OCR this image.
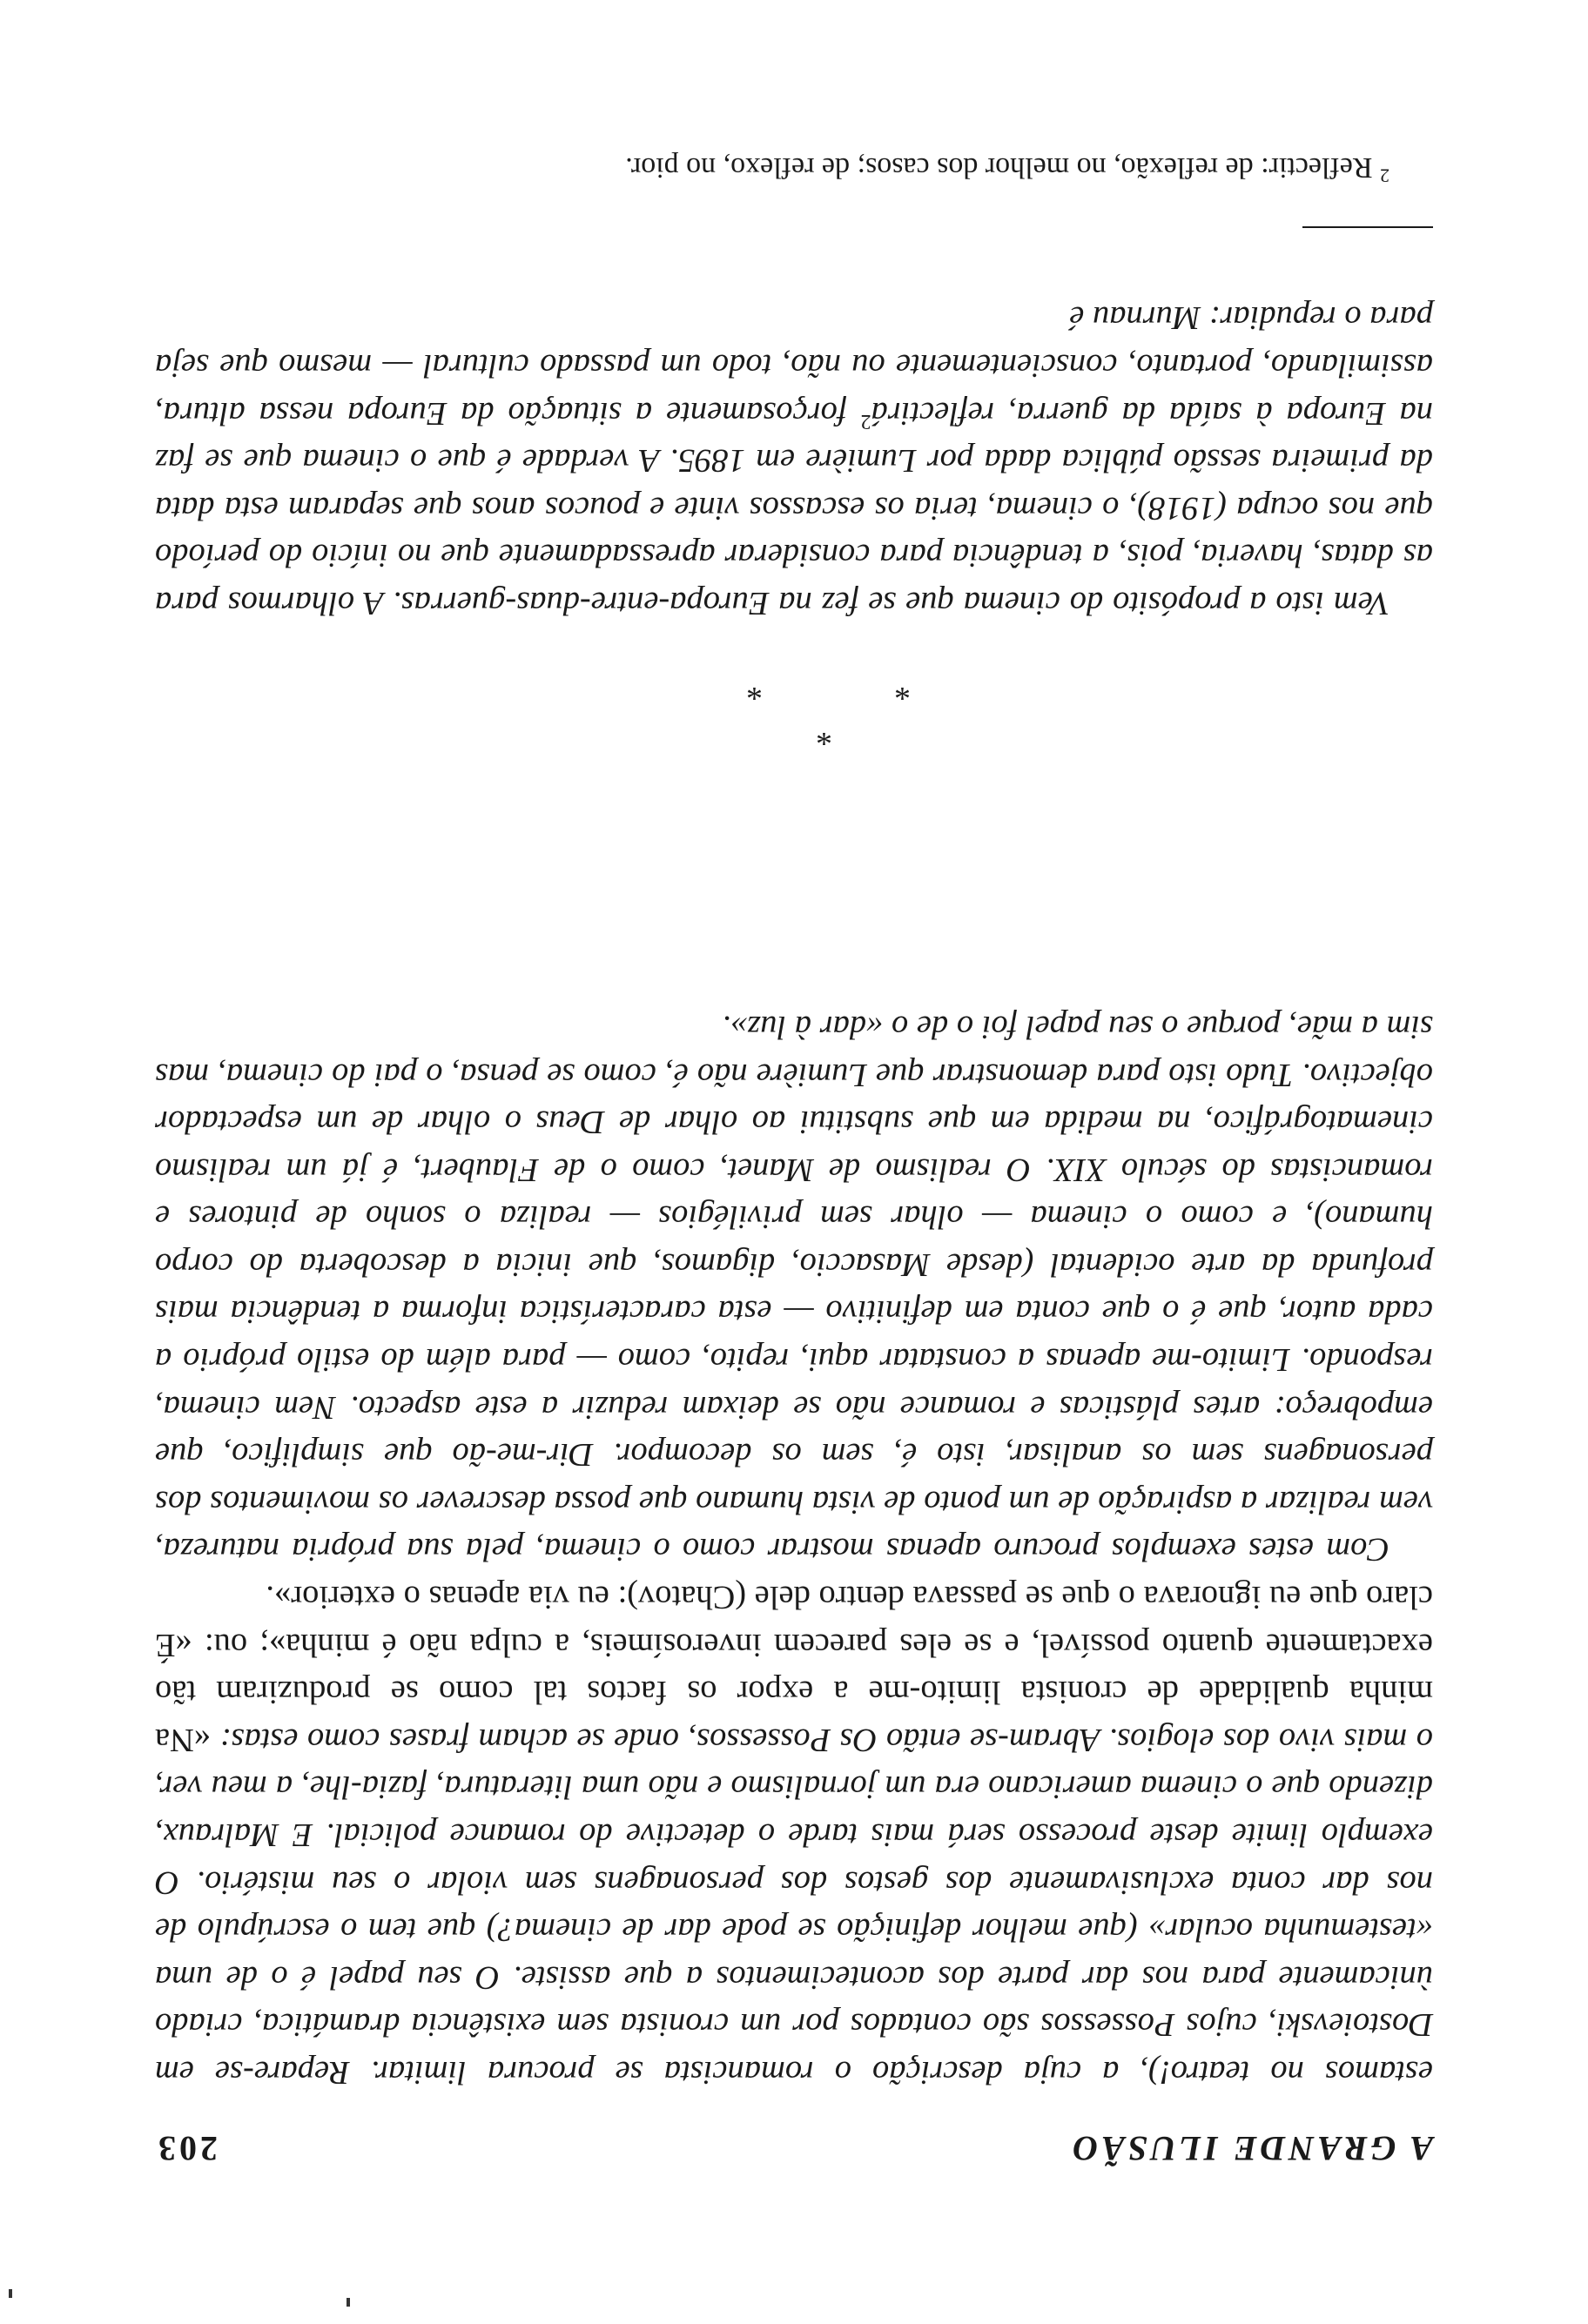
A GRANDE ILUSÃO
203

estamos no teatro!), a cuja descrição o romancista se procura limitar. Repare-se em Dostoievski, cujos Possessos são contados por um cronista sem existência dramática, criado ùnicamente para nos dar parte dos acontecimentos a que assiste. O seu papel é o de uma «testemunha ocular» (que melhor definição se pode dar de cinema?) que tem o escrúpulo de nos dar conta exclusivamente dos gestos dos personagens sem violar o seu mistério. O exemplo limite deste processo será mais tarde o detective do romance policial. E Malraux, dizendo que o cinema americano era um jornalismo e não uma literatura, fazia-lhe, a meu ver, o mais vivo dos elogios. Abram-se então Os Possessos, onde se acham frases como estas: «Na minha qualidade de cronista limito-me a expor os factos tal como se produziram tão exactamente quanto possível, e se eles parecem inverosímeis, a culpa não é minha»; ou: «É claro que eu ignorava o que se passava dentro dele (Chatov): eu via apenas o exterior».

Com estes exemplos procuro apenas mostrar como o cinema, pela sua própria natureza, vem realizar a aspiração de um ponto de vista humano que possa descrever os movimentos dos personagens sem os analisar, isto é, sem os decompor. Dir-me-ão que simplifico, que empobreço: artes plásticas e romance não se deixam reduzir a este aspecto. Nem cinema, respondo. Limito-me apenas a constatar aqui, repito, como — para além do estilo próprio a cada autor, que é o que conta em definitivo — esta característica informa a tendência mais profunda da arte ocidental (desde Masaccio, digamos, que inicia a descoberta do corpo humano), e como o cinema — olhar sem privilégios — realiza o sonho de pintores e romancistas do século XIX. O realismo de Manet, como o de Flaubert, é já um realismo cinematográfico, na medida em que substitui ao olhar de Deus o olhar de um espectador objectivo. Tudo isto para demonstrar que Lumière não é, como se pensa, o pai do cinema, mas sim a mãe, porque o seu papel foi o de o «dar à luz».

*
*
*

Vem isto a propósito do cinema que se fez na Europa-entre-duas-guerras. A olharmos para as datas, haveria, pois, a tendência para considerar apressadamente que no início do período que nos ocupa (1918), o cinema, teria os escassos vinte e poucos anos que separam esta data da primeira sessão pública dada por Lumière em 1895. A verdade é que o cinema que se faz na Europa à saída da guerra, reflectirá$^2$ forçosamente a situação da Europa nessa altura, assimilando, portanto, conscientemente ou não, todo um passado cultural — mesmo que seja para o repudiar: Murnau é

$^2$ Reflectir: de reflexão, no melhor dos casos; de reflexo, no pior.
